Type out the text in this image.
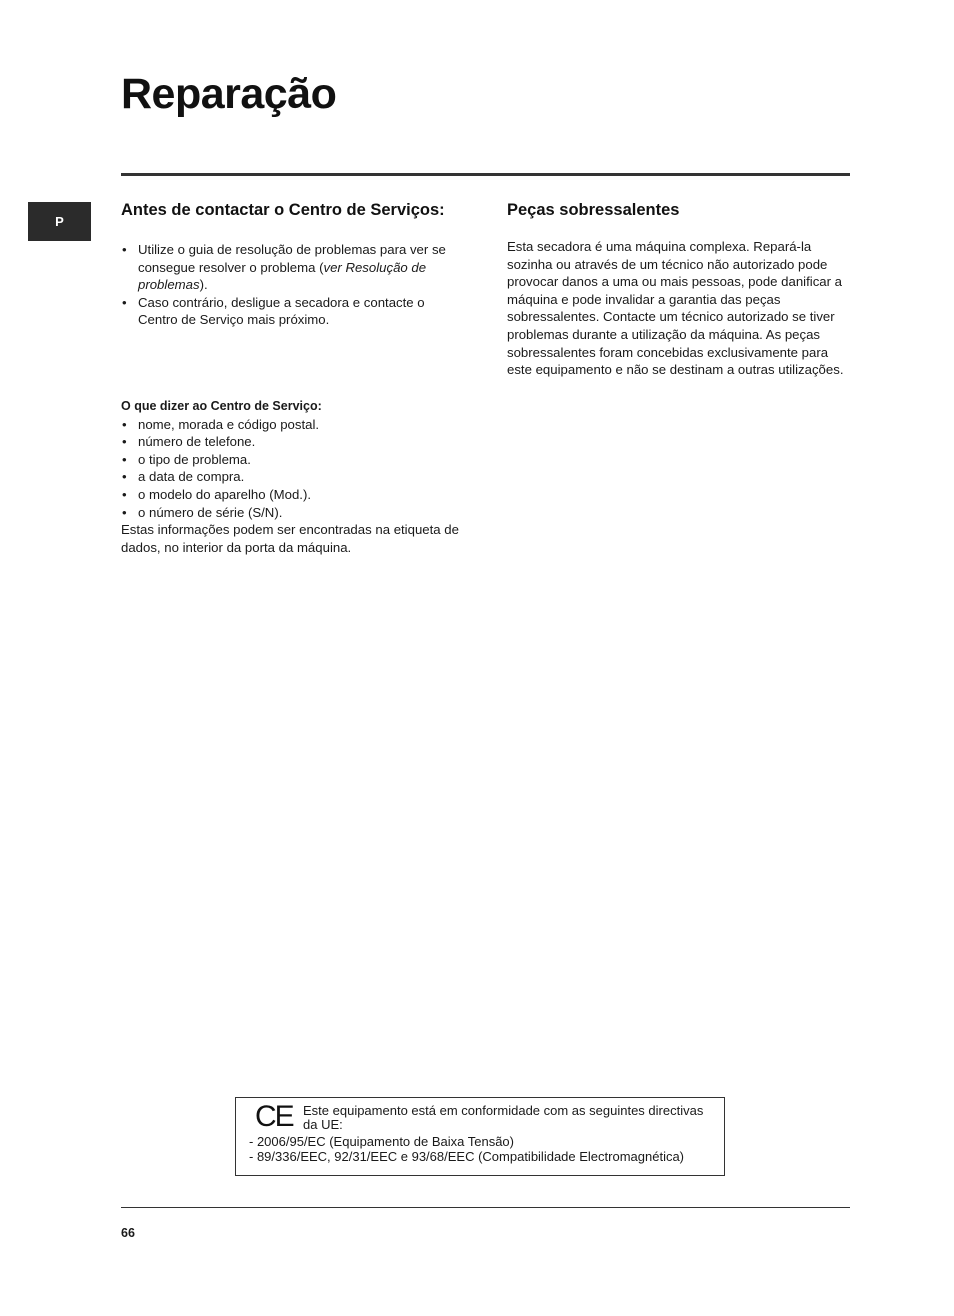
Reparação
P
Antes de contactar o Centro de Serviços:
• Utilize o guia de resolução de problemas para ver se consegue resolver o problema (ver Resolução de problemas).
• Caso contrário, desligue a secadora e contacte o Centro de Serviço mais próximo.

O que dizer ao Centro de Serviço:

• nome, morada e código postal.
• número de telefone.
• o tipo de problema.
• a data de compra.
• o modelo do aparelho (Mod.).
• o número de série (S/N).

Estas informações podem ser encontradas na etiqueta de dados, no interior da porta da máquina.

Peças sobressalentes

Esta secadora é uma máquina complexa. Repará-la sozinha ou através de um técnico não autorizado pode provocar danos a uma ou mais pessoas, pode danificar a máquina e pode invalidar a garantia das peças sobressalentes. Contacte um técnico autorizado se tiver problemas durante a utilização da máquina. As peças sobressalentes foram concebidas exclusivamente para este equipamento e não se destinam a outras utilizações.

CE Este equipamento está em conformidade com as seguintes directivas da UE:
- 2006/95/EC (Equipamento de Baixa Tensão)
- 89/336/EEC, 92/31/EEC e 93/68/EEC (Compatibilidade Electromagnética)
66
